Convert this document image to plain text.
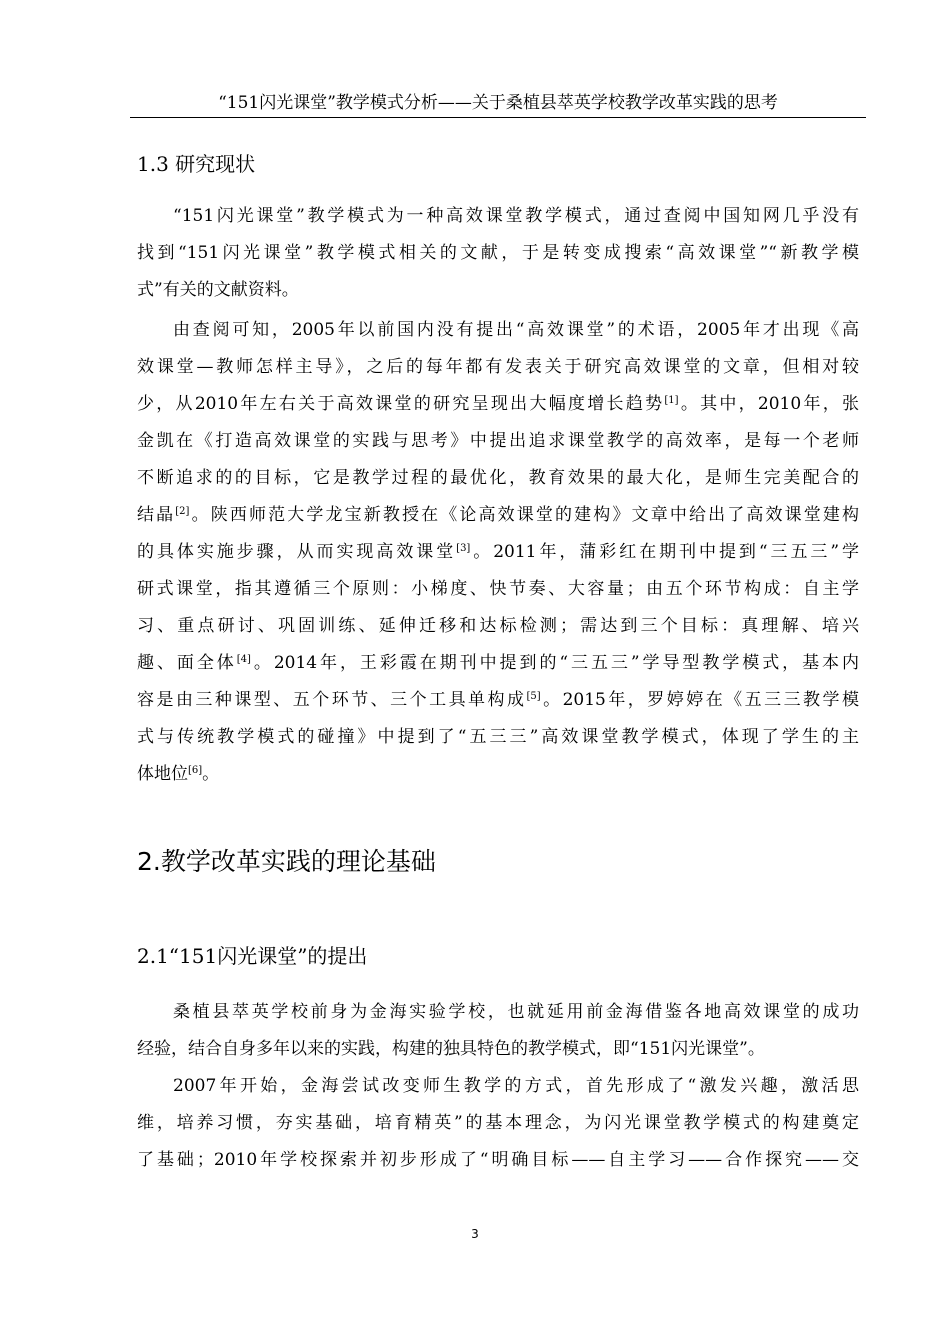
“151闪光课堂”教学模式分析——关于桑植县萃英学校教学改革实践的思考
1.3 研究现状
“151闪光课堂”教学模式为一种高效课堂教学模式，通过查阅中国知网几乎没有
找到“151闪光课堂”教学模式相关的文献，于是转变成搜索“高效课堂”“新教学模
式”有关的文献资料。
由查阅可知，2005年以前国内没有提出“高效课堂”的术语，2005年才出现《高
效课堂—教师怎样主导》，之后的每年都有发表关于研究高效课堂的文章，但相对较
少，从2010年左右关于高效课堂的研究呈现出大幅度增长趋势[1]。其中，2010年，张
金凯在《打造高效课堂的实践与思考》中提出追求课堂教学的高效率，是每一个老师
不断追求的的目标，它是教学过程的最优化，教育效果的最大化，是师生完美配合的
结晶[2]。陕西师范大学龙宝新教授在《论高效课堂的建构》文章中给出了高效课堂建构
的具体实施步骤，从而实现高效课堂[3]。2011年，蒲彩红在期刊中提到“三五三”学
研式课堂，指其遵循三个原则：小梯度、快节奏、大容量；由五个环节构成：自主学
习、重点研讨、巩固训练、延伸迁移和达标检测；需达到三个目标：真理解、培兴
趣、面全体[4]。2014年，王彩霞在期刊中提到的“三五三”学导型教学模式，基本内
容是由三种课型、五个环节、三个工具单构成[5]。2015年，罗婷婷在《五三三教学模
式与传统教学模式的碰撞》中提到了“五三三”高效课堂教学模式，体现了学生的主
体地位[6]。
2.教学改革实践的理论基础
2.1“151闪光课堂”的提出
桑植县萃英学校前身为金海实验学校，也就延用前金海借鉴各地高效课堂的成功
经验，结合自身多年以来的实践，构建的独具特色的教学模式，即“151闪光课堂”。
2007年开始，金海尝试改变师生教学的方式，首先形成了“激发兴趣，激活思
维，培养习惯，夯实基础，培育精英”的基本理念，为闪光课堂教学模式的构建奠定
了基础；2010年学校探索并初步形成了“明确目标——自主学习——合作探究——交
3
